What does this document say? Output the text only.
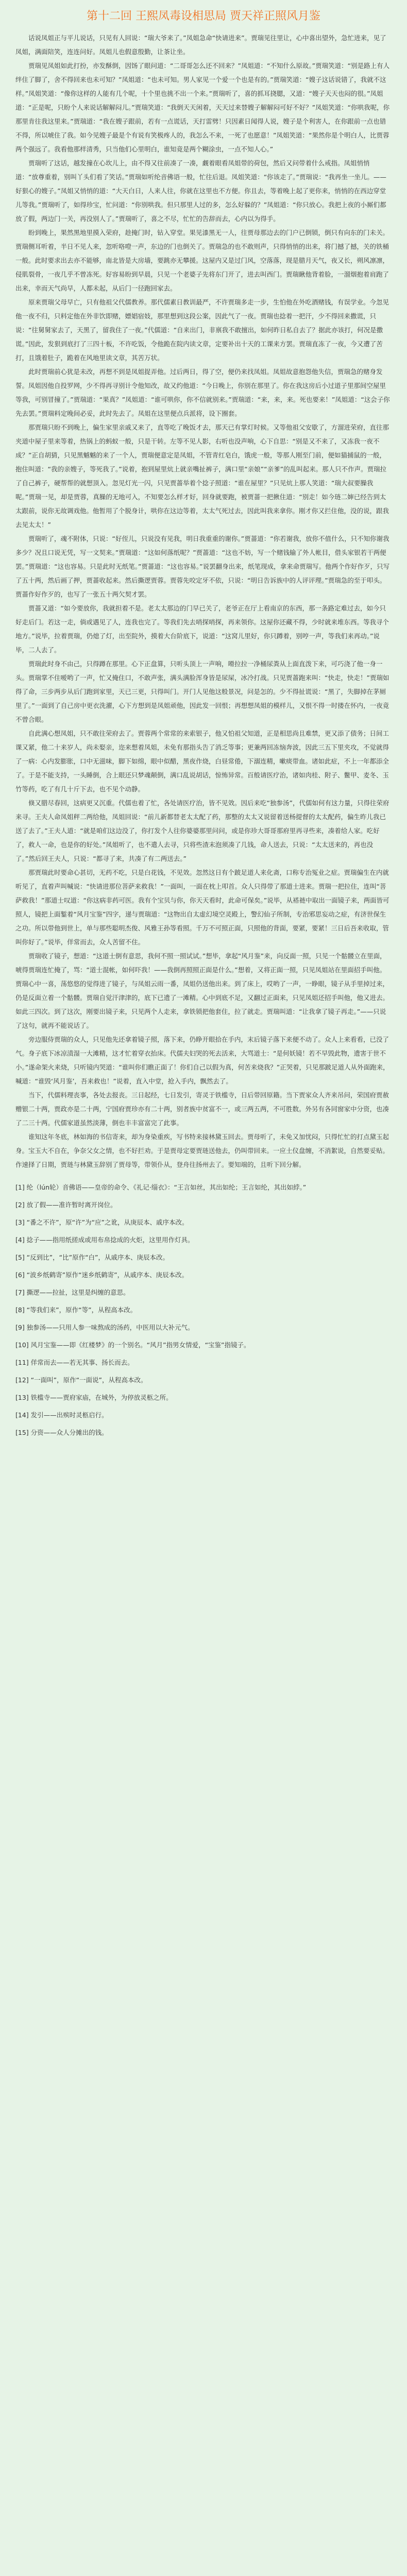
第十二回 王熙凤毒设相思局 贾天祥正照风月鉴

话说凤姐正与平儿说话，只见有人回说：“瑞大爷来了。”凤姐急命“快请进来”。贾瑞见往里让，心中喜出望外，急忙进来，见了凤姐，满面陪笑，连连问好。凤姐儿也假意殷勤，让茶让坐。

贾瑞见凤姐如此打扮，亦发酥倒，因饧了眼问道：“二哥哥怎么还不回来？”凤姐道：“不知什么原故。”贾瑞笑道：“别是路上有人绊住了脚了，舍不得回来也未可知？”凤姐道：“也未可知。男人家见一个爱一个也是有的。”贾瑞笑道：“嫂子这话说错了，我就不这样。”凤姐笑道：“像你这样的人能有几个呢，十个里也挑不出一个来。”贾瑞听了，喜的抓耳挠腮，又道：“嫂子天天也闷的很。”凤姐道：“正是呢，只盼个人来说话解解闷儿。”贾瑞笑道：“我倒天天闲着，天天过来替嫂子解解闷可好不好？”凤姐笑道：“你哄我呢，你那里肯往我这里来。”贾瑞道：“我在嫂子跟前，若有一点谎话，天打雷劈！只因素日闻得人说，嫂子是个利害人，在你跟前一点也错不得，所以唬住了我。如今见嫂子最是个有说有笑极疼人的，我怎么不来，一死了也愿意！”凤姐笑道：“果然你是个明白人，比贾蓉两个强远了。我看他那样清秀，只当他们心里明白，谁知竟是两个糊涂虫，一点不知人心。”

贾瑞听了这话，越发撞在心坎儿上，由不得又往前凑了一凑，觑着眼看凤姐带的荷包，然后又问带着什么戒指。凤姐悄悄道：“放尊重着，别叫丫头们看了笑话。”贾瑞如听纶音佛语一般，忙往后退。凤姐笑道：“你该走了。”贾瑞说：“我再坐一坐儿。——好狠心的嫂子。”凤姐又悄悄的道：“大天白日，人来人往，你就在这里也不方便。你且去，等着晚上起了更你来，悄悄的在西边穿堂儿等我。”贾瑞听了，如得珍宝，忙问道：“你别哄我。但只那里人过的多，怎么好躲的？”凤姐道：“你只放心。我把上夜的小厮们都放了假，两边门一关，再没别人了。”贾瑞听了，喜之不尽，忙忙的告辞而去，心内以为得手。

盼到晚上，果然黑地里摸入荣府，趁掩门时，钻入穿堂。果见漆黑无一人，往贾母那边去的门户已倒锁，倒只有向东的门未关。贾瑞侧耳听着，半日不见人来，忽听咯噔一声，东边的门也倒关了。贾瑞急的也不敢则声，只得悄悄的出来，将门撼了撼，关的铁桶一般。此时要求出去亦不能够，南北皆是大房墙，要跳亦无攀援。这屋内又是过门风，空落落，现是腊月天气，夜又长，朔风凛凛，侵肌裂骨，一夜几乎不曾冻死。好容易盼到早晨，只见一个老婆子先将东门开了，进去叫西门。贾瑞瞅他背着脸，一溜烟抱着肩跑了出来，幸而天气尚早，人都未起，从后门一径跑回家去。

原来贾瑞父母早亡，只有他祖父代儒教养。那代儒素日教训最严，不许贾瑞多走一步，生怕他在外吃酒赌钱，有误学业。今忽见他一夜不归，只料定他在外非饮即赌，嫖娼宿妓，那里想到这段公案，因此气了一夜。贾瑞也捻着一把汗，少不得回来撒谎，只说：“往舅舅家去了，天黑了，留我住了一夜。”代儒道：“自来出门，非禀我不敢擅出，如何昨日私自去了？据此亦该打，何况是撒谎。”因此，发狠到底打了三四十板，不许吃饭，令他跪在院内读文章，定要补出十天的工课来方罢。贾瑞直冻了一夜，今又遭了苦打，且饿着肚子，跪着在风地里读文章，其苦万状。

此时贾瑞前心犹是未改，再想不到是凤姐捉弄他。过后两日，得了空，便仍来找凤姐。凤姐故意抱怨他失信，贾瑞急的赌身发誓。凤姐因他自投罗网，少不得再寻别计令他知改，故又约他道：“今日晚上，你别在那里了。你在我这房后小过道子里那间空屋里等我，可别冒撞了。”贾瑞道：“果真？”凤姐道：“谁可哄你，你不信就别来。”贾瑞道：“来，来，来。死也要来！”凤姐道：“这会子你先去罢。”贾瑞料定晚间必妥，此时先去了。凤姐在这里便点兵派将，设下圈套。

那贾瑞只盼不到晚上，偏生家里亲戚又来了，直等吃了晚饭才去，那天已有掌灯时候。又等他祖父安歇了，方溜进荣府，直往那夹道中屋子里来等着，热锅上的蚂蚁一般，只是干转。左等不见人影，右听也没声响，心下自思：“别是又不来了，又冻我一夜不成？”正自胡猜，只见黑魆魆的来了一个人，贾瑞便意定是凤姐，不管青红皂白，饿虎一般，等那人刚至门前，便如猫捕鼠的一般，抱住叫道：“我的亲嫂子，等死我了。”说着，抱到屋里炕上就亲嘴扯裤子，满口里“亲娘”“亲爹”的乱叫起来。那人只不作声。贾瑞拉了自己裤子，硬帮帮的就想顶入。忽见灯光一闪，只见贾蔷举着个捻子照道：“谁在屋里？”只见炕上那人笑道：“瑞大叔要臊我呢。”贾瑞一见，却是贾蓉，真臊的无地可入，不知要怎么样才好，回身就要跑，被贾蔷一把揪住道：“别走！如今琏二婶已经告到太太跟前，说你无故调戏他。他暂用了个脱身计，哄你在这边等着，太太气死过去，因此叫我来拿你。刚才你又拦住他，没的说，跟我去见太太！”

贾瑞听了，魂不附体，只说：“好侄儿，只说没有见我，明日我重重的谢你。”贾蔷道：“你若谢我，放你不值什么，只不知你谢我多少？况且口说无凭，写一文契来。”贾瑞道：“这如何落纸呢？”贾蔷道：“这也不妨，写一个赌钱输了外人帐目，借头家银若干两便罢。”贾瑞道：“这也容易。只是此时无纸笔。”贾蔷道：“这也容易。”说罢翻身出来，纸笔现成，拿来命贾瑞写。他两个作好作歹，只写了五十两，然后画了押，贾蔷收起来。然后撕逻贾蓉。贾蓉先咬定牙不依，只说：“明日告诉族中的人评评理。”贾瑞急的至于叩头。贾蔷作好作歹的，也写了一张五十两欠契才罢。

贾蔷又道：“如今要放你，我就担着不是。老太太那边的门早已关了，老爷正在厅上看南京的东西，那一条路定难过去，如今只好走后门。若这一走，倘或遇见了人，连我也完了。等我们先去哨探哨探，再来领你。这屋你还藏不得，少时就来堆东西。等我寻个地方。”说毕，拉着贾瑞，仍熄了灯，出至院外，摸着大台阶底下，说道：“这窝儿里好，你只蹲着，别哼一声，等我们来再动。”说毕，二人去了。

贾瑞此时身不由己，只得蹲在那里。心下正盘算，只听头顶上一声响，嗗拉拉一净桶尿粪从上面直泼下来，可巧浇了他一身一头。贾瑞掌不住嗳哟了一声，忙又掩住口，不敢声张，满头满脸浑身皆是尿屎，冰冷打战。只见贾蔷跑来叫：“快走，快走！”贾瑞如得了命，三步两步从后门跑到家里，天已三更，只得叫门。开门人见他这般景况，问是怎的。少不得扯谎说：“黑了，失脚掉在茅厕里了。”一面到了自己房中更衣洗濯，心下方想到是凤姐顽他，因此发一回恨；再想想凤姐的模样儿，又恨不得一时搂在怀内，一夜竟不曾合眼。

自此满心想凤姐，只不敢往荣府去了。贾蓉两个常常的来索银子，他又怕祖父知道，正是相思尚且难禁，更又添了债务；日间工课又紧，他二十来岁人，尚未娶亲，迩来想着凤姐，未免有那指头告了消乏等事；更兼两回冻恼奔波，因此三五下里夹攻，不觉就得了一病：心内发膨胀，口中无滋味，脚下如绵，眼中似醋，黑夜作烧，白昼常倦，下溺连精，嗽痰带血。诸如此症，不上一年都添全了。于是不能支持，一头睡倒，合上眼还只梦魂颠倒，满口乱说胡话，惊怖异常。百般请医疗治，诸如肉桂、附子、鳖甲、麦冬、玉竹等药，吃了有几十斤下去，也不见个动静。

倏又腊尽春回，这病更又沉重。代儒也着了忙，各处请医疗治，皆不见效。因后来吃“独参汤”，代儒如何有这力量，只得往荣府来寻。王夫人命凤姐秤二两给他，凤姐回说：“前儿新都替老太太配了药，那整的太太又说留着送杨提督的太太配药，偏生昨儿我已送了去了。”王夫人道：“就是咱们这边没了，你打发个人往你婆婆那里问问，或是你珍大哥哥那府里再寻些来，凑着给人家。吃好了，救人一命，也是你的好处。”凤姐听了，也不遣人去寻，只将些渣末泡须凑了几钱，命人送去，只说：“太太送来的，再也没了。”然后回王夫人，只说：“都寻了来，共凑了有二两送去。”

那贾瑞此时要命心甚切，无药不吃，只是白花钱，不见效。忽然这日有个跛足道人来化斋，口称专治冤业之症。贾瑞偏生在内就听见了，直着声叫喊说：“快请进那位菩萨来救我！”一面叫，一面在枕上叩首。众人只得带了那道士进来。贾瑞一把拉住，连叫“菩萨救我！”那道士叹道：“你这病非药可医。我有个宝贝与你，你天天看时，此命可保矣。”说毕，从褡裢中取出一面镜子来，两面皆可照人，镜把上面錾着“风月宝鉴”四字，递与贾瑞道：“这物出自太虚幻境空灵殿上，警幻仙子所制，专治邪思妄动之症，有济世保生之功。所以带他到世上，单与那些聪明杰俊、风雅王孙等看照。千万不可照正面，只照他的背面，要紧，要紧！三日后吾来收取，管叫你好了。”说毕，佯常而去，众人苦留不住。

贾瑞收了镜子，想道：“这道士倒有意思，我何不照一照试试。”想毕，拿起“风月鉴”来，向反面一照，只见一个骷髅立在里面，唬得贾瑞连忙掩了，骂：“道士混帐，如何吓我！——我倒再照照正面是什么。”想着，又将正面一照，只见凤姐站在里面招手叫他。贾瑞心中一喜，荡悠悠的觉得进了镜子，与凤姐云雨一番，凤姐仍送他出来。到了床上，哎哟了一声，一睁眼，镜子从手里掉过来，仍是反面立着一个骷髅。贾瑞自觉汗津津的，底下已遗了一滩精。心中到底不足，又翻过正面来，只见凤姐还招手叫他，他又进去。如此三四次。到了这次，刚要出镜子来，只见两个人走来，拿铁锁把他套住，拉了就走。贾瑞叫道：“让我拿了镜子再走。”——只说了这句，就再不能说话了。

旁边服侍贾瑞的众人，只见他先还拿着镜子照，落下来，仍睁开眼拾在手内，末后镜子落下来便不动了。众人上来看看，已没了气。身子底下冰凉渍湿一大滩精，这才忙着穿衣抬床。代儒夫妇哭的死去活来，大骂道士：“是何妖镜！若不早毁此物，遗害于世不小。”遂命架火来烧，只听镜内哭道：“谁叫你们瞧正面了！你们自己以假为真，何苦来烧我？”正哭着，只见那跛足道人从外面跑来，喊道：“谁毁‘风月鉴’，吾来救也！”说着，直入中堂，抢入手内，飘然去了。

当下，代儒料理丧事，各处去报丧。三日起经，七日发引，寄灵于铁槛寺，日后带回原籍。当下贾家众人齐来吊问，荣国府贾赦赠银二十两，贾政亦是二十两，宁国府贾珍亦有二十两，别者族中贫富不一，或三两五两，不可胜数。外另有各同窗家中分资，也凑了二三十两。代儒家道虽然淡薄，倒也丰丰富富完了此事。

谁知这年冬底，林如海的书信寄来，却为身染重疾，写书特来接林黛玉回去。贾母听了，未免又加忧闷，只得忙忙的打点黛玉起身。宝玉大不自在，争奈父女之情，也不好拦劝。于是贾母定要贾琏送他去，仍叫带回来。一应土仪盘缠，不消絮说，自然要妥贴。作速择了日期，贾琏与林黛玉辞别了贾母等，带领仆从，登舟往扬州去了。要知端的，且听下回分解。

[1] 纶（lún轮）音佛语——皇帝的命令、《礼记·缁衣》：“王言如丝，其出如纶；王言如纶，其出如綍。”

[2] 放了假——准许暂时离开岗位。

[3] “番之不许”，原“许”为“应”之讹，从庚辰本、戚序本改。

[4] 捻子——指用纸搓成或用布帛捻成的火炬，这里用作灯具。

[5] “反到比”，“比”原作“白”，从戚序本、庚辰本改。

[6] “波乡纸鹤寄”原作“迷乡纸鹤寄”，从戚序本、庚辰本改。

[7] 撕逻——拉扯，这里是纠缠的意思。

[8] “等我们来”，原作“等”，从程高本改。

[9] 独参汤——只用人参一味熬成的汤药，中医用以大补元气。

[10] 风月宝鉴——即《红楼梦》的一个别名。“风月”指男女情爱，“宝鉴”指镜子。

[11] 佯常而去——若无其事、扬长而去。

[12] “一面叫”，原作“一面说”，从程高本改。

[13] 铁槛寺——贾府家庙，在城外，为停放灵柩之所。

[14] 发引——出殡时灵柩启行。

[15] 分资——众人分摊出的钱。
